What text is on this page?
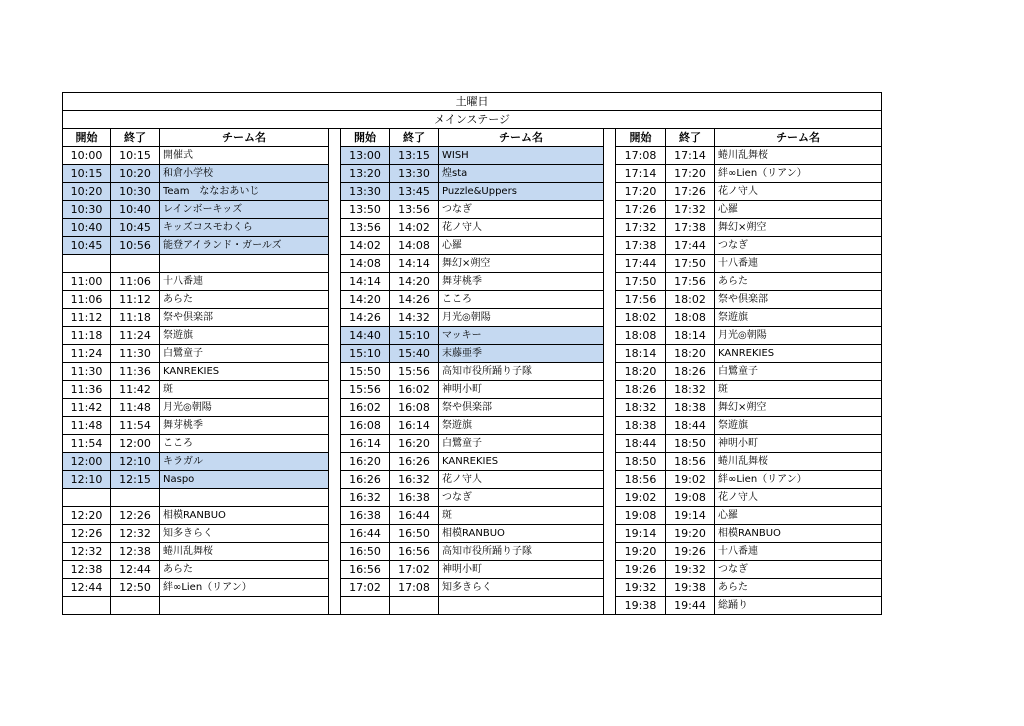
土曜日										
メインステージ										
開始	終了	チーム名		開始	終了	チーム名		開始	終了	チーム名
10:00	10:15	開催式		13:00	13:15	WISH		17:08	17:14	蜷川乱舞桜
10:15	10:20	和倉小学校		13:20	13:30	煌sta		17:14	17:20	絆∞Lien（リアン）
10:20	10:30	Team　ななおあいじ		13:30	13:45	Puzzle&Uppers		17:20	17:26	花ノ守人
10:30	10:40	レインボーキッズ		13:50	13:56	つなぎ		17:26	17:32	心羅
10:40	10:45	キッズコスモわくら		13:56	14:02	花ノ守人		17:32	17:38	舞幻×朔空
10:45	10:56	能登アイランド・ガールズ		14:02	14:08	心羅		17:38	17:44	つなぎ
				14:08	14:14	舞幻×朔空		17:44	17:50	十八番連
11:00	11:06	十八番連		14:14	14:20	舞芽桃季		17:50	17:56	あらた
11:06	11:12	あらた		14:20	14:26	こころ		17:56	18:02	祭や倶楽部
11:12	11:18	祭や倶楽部		14:26	14:32	月光◎朝陽		18:02	18:08	祭遊旗
11:18	11:24	祭遊旗		14:40	15:10	マッキー		18:08	18:14	月光◎朝陽
11:24	11:30	白鷺童子		15:10	15:40	末藤亜季		18:14	18:20	KANREKIES
11:30	11:36	KANREKIES		15:50	15:56	高知市役所踊り子隊		18:20	18:26	白鷺童子
11:36	11:42	斑		15:56	16:02	神明小町		18:26	18:32	斑
11:42	11:48	月光◎朝陽		16:02	16:08	祭や倶楽部		18:32	18:38	舞幻×朔空
11:48	11:54	舞芽桃季		16:08	16:14	祭遊旗		18:38	18:44	祭遊旗
11:54	12:00	こころ		16:14	16:20	白鷺童子		18:44	18:50	神明小町
12:00	12:10	キラガル		16:20	16:26	KANREKIES		18:50	18:56	蜷川乱舞桜
12:10	12:15	Naspo		16:26	16:32	花ノ守人		18:56	19:02	絆∞Lien（リアン）
				16:32	16:38	つなぎ		19:02	19:08	花ノ守人
12:20	12:26	相模RANBUO		16:38	16:44	斑		19:08	19:14	心羅
12:26	12:32	知多きらく		16:44	16:50	相模RANBUO		19:14	19:20	相模RANBUO
12:32	12:38	蜷川乱舞桜		16:50	16:56	高知市役所踊り子隊		19:20	19:26	十八番連
12:38	12:44	あらた		16:56	17:02	神明小町		19:26	19:32	つなぎ
12:44	12:50	絆∞Lien（リアン）		17:02	17:08	知多きらく		19:32	19:38	あらた
								19:38	19:44	総踊り
